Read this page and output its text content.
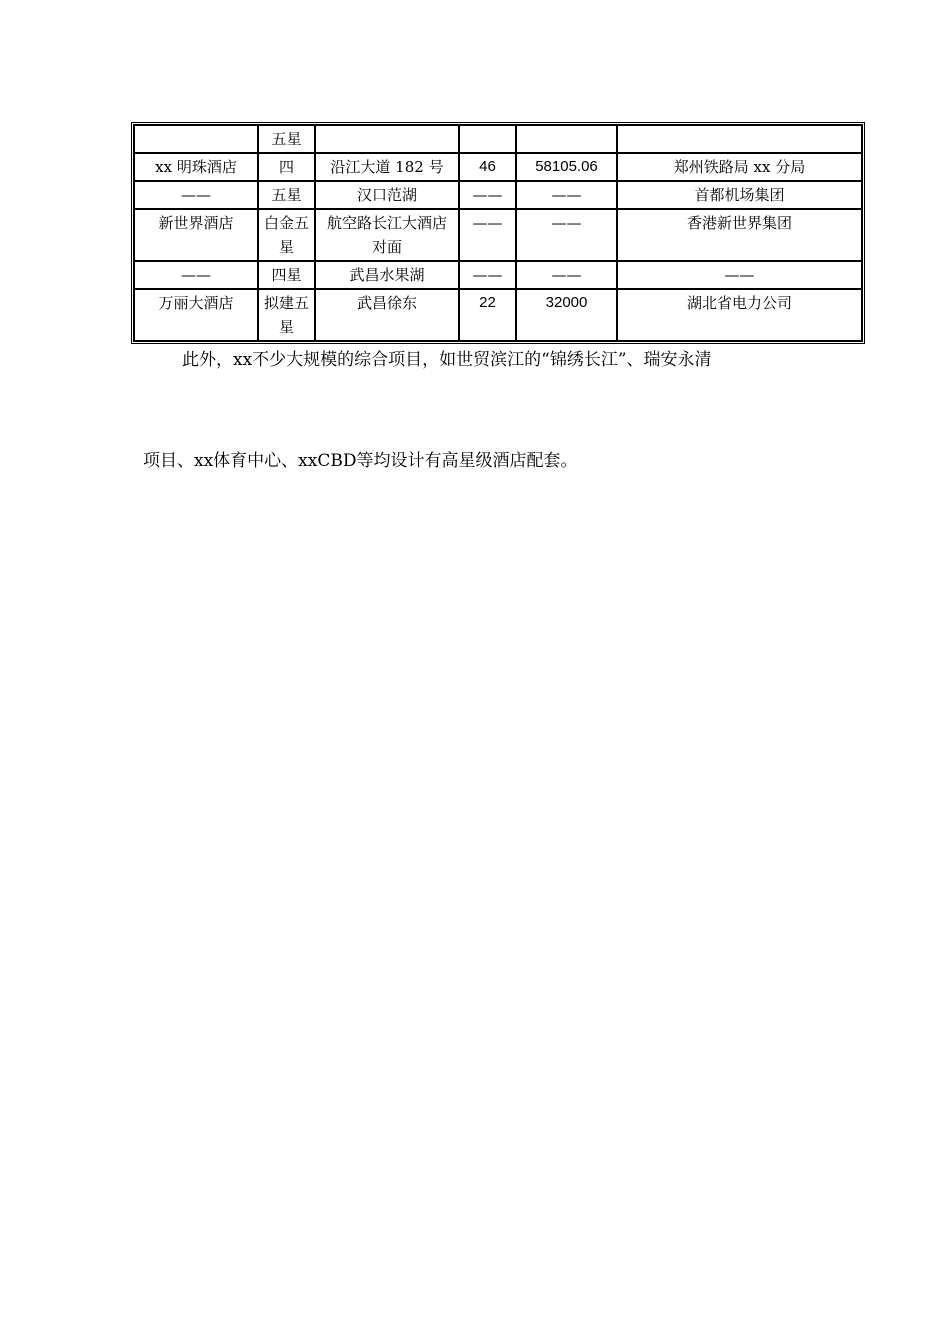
	五星				
xx 明珠酒店	四	沿江大道 182 号	46	58105.06	郑州铁路局 xx 分局
——	五星	汉口范湖	——	——	首都机场集团
新世界酒店	白金五星	航空路长江大酒店对面	——	——	香港新世界集团
——	四星	武昌水果湖	——	——	——
万丽大酒店	拟建五星	武昌徐东	22	32000	湖北省电力公司
此外，xx不少大规模的综合项目，如世贸滨江的“锦绣长江”、瑞安永清
项目、xx体育中心、xxCBD等均设计有高星级酒店配套。
